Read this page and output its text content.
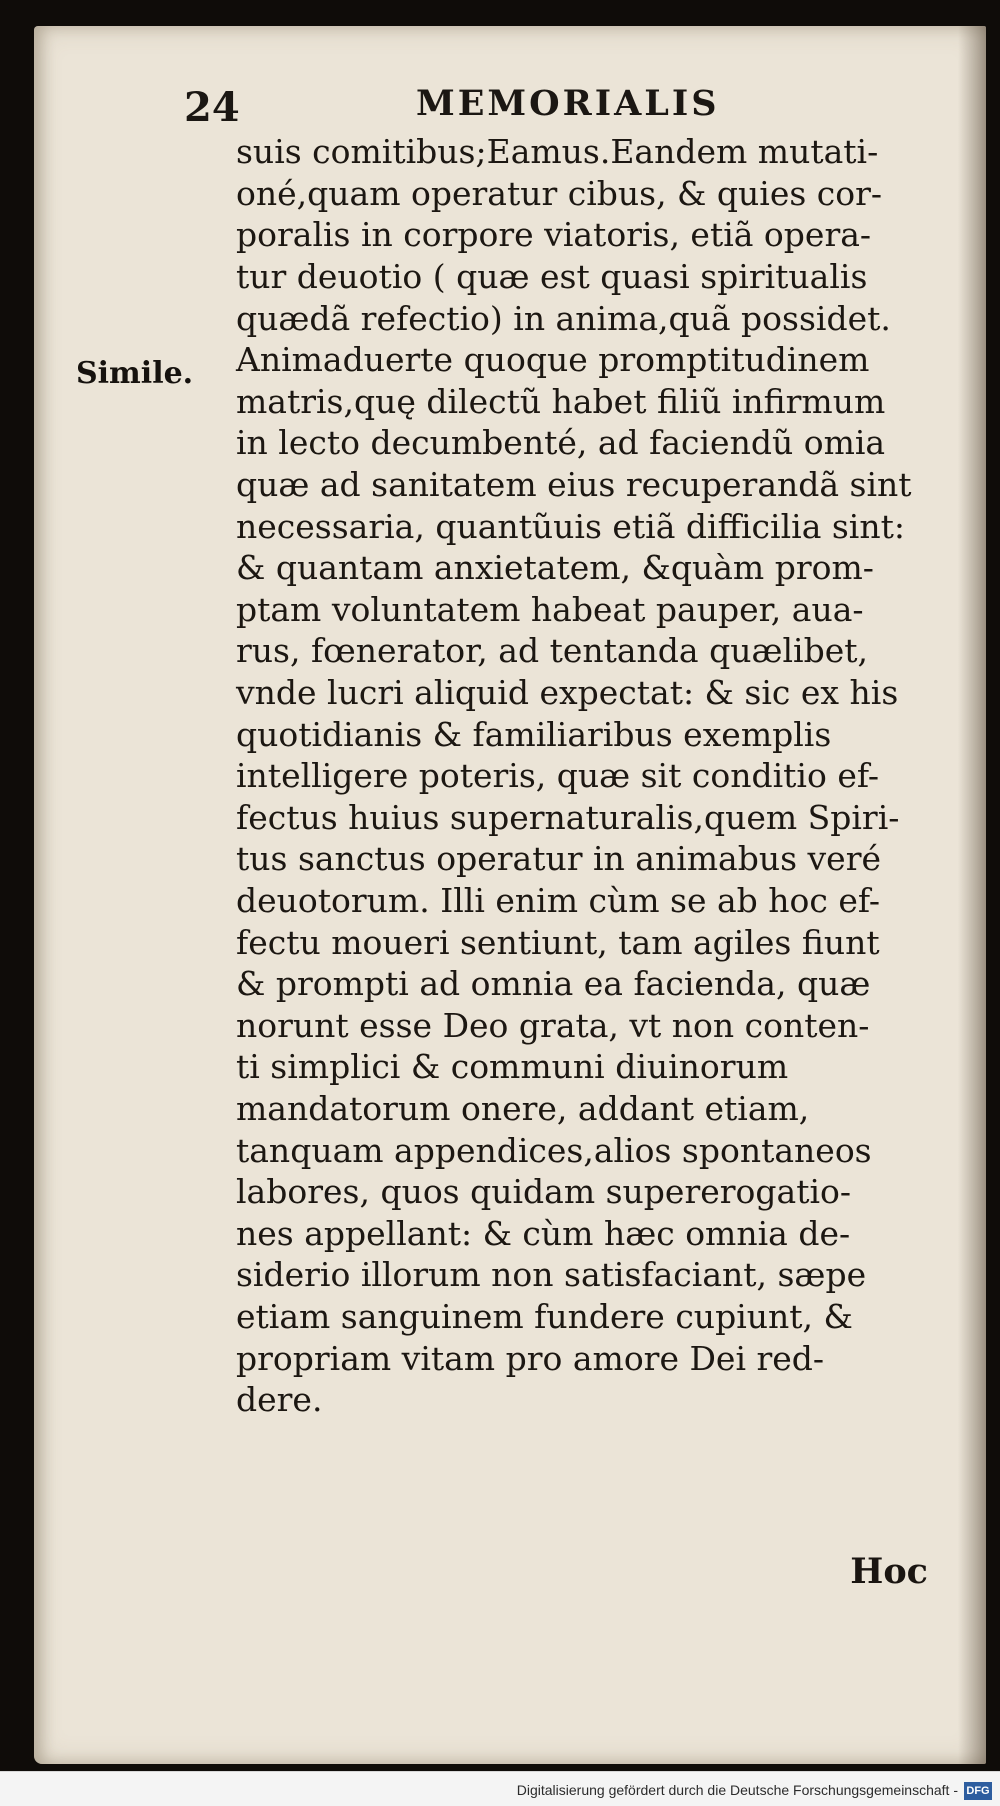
24	MEMORIALIS
Simile.
suis comitibus;Eamus.Eandem mutati-
oné,quam operatur cibus, & quies cor-
poralis in corpore viatoris, etiã opera-
tur deuotio ( quæ est quasi spiritualis
quædã refectio) in anima,quã possidet.
Animaduerte quoque promptitudinem
matris,quę dilectũ habet filiũ infirmum
in lecto decumbenté, ad faciendũ omia
quæ ad sanitatem eius recuperandã sint
necessaria, quantũuis etiã difficilia sint:
& quantam anxietatem, &quàm prom-
ptam voluntatem habeat pauper, aua-
rus, fœnerator, ad tentanda quælibet,
vnde lucri aliquid expectat: & sic ex his
quotidianis & familiaribus exemplis
intelligere poteris, quæ sit conditio ef-
fectus huius supernaturalis,quem Spiri-
tus sanctus operatur in animabus veré
deuotorum. Illi enim cùm se ab hoc ef-
fectu moueri sentiunt, tam agiles fiunt
& prompti ad omnia ea facienda, quæ
norunt esse Deo grata, vt non conten-
ti simplici & communi diuinorum
mandatorum onere, addant etiam,
tanquam appendices,alios spontaneos
labores, quos quidam supererogatio-
nes appellant: & cùm hæc omnia de-
siderio illorum non satisfaciant, sæpe
etiam sanguinem fundere cupiunt, &
propriam vitam pro amore Dei red-
dere.
Hoc
Digitalisierung gefördert durch die Deutsche Forschungsgemeinschaft - DFG
